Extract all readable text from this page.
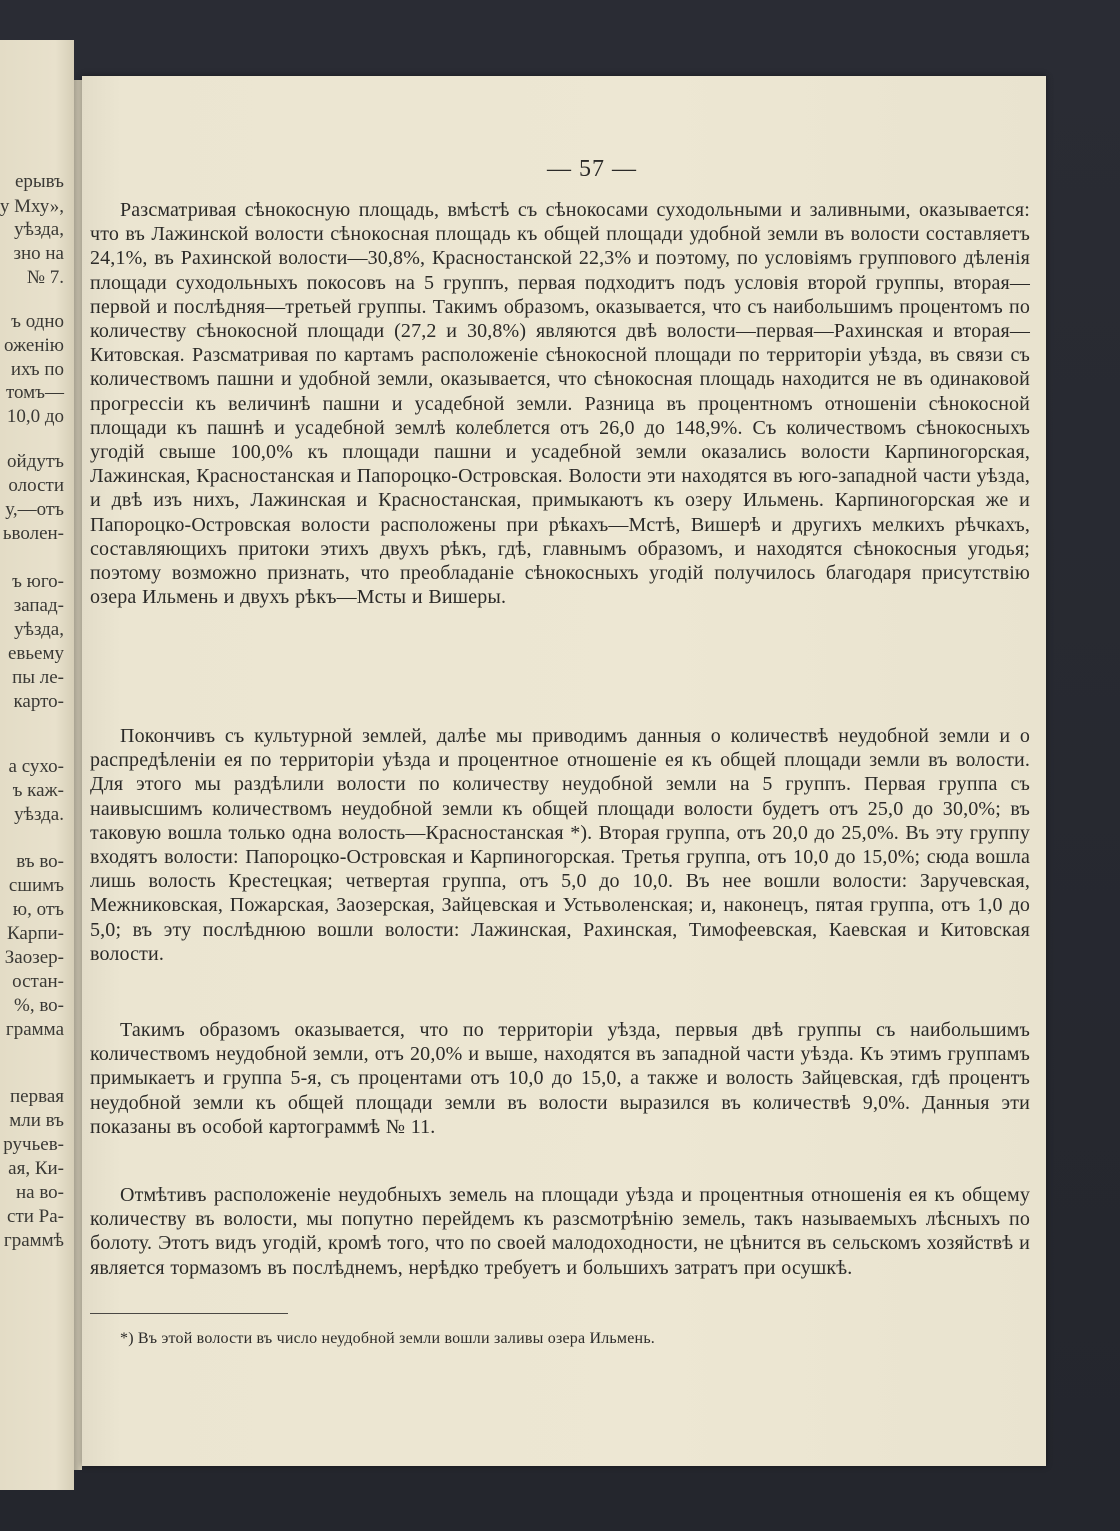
ерывъ
у Мху»,
уѣзда,
зно на
№ 7.
ъ одно
оженію
ихъ по
томъ—
10,0 до
ойдутъ
олости
у,—отъ
ьволен-
ъ юго-
запад-
уѣзда,
евьему
пы ле-
карто-
а сухо-
ъ каж-
уѣзда.
въ во-
сшимъ
ю, отъ
Карпи-
Заозер-
остан-
%, во-
грамма
первая
мли въ
ручьев-
ая, Ки-
на во-
сти Ра-
граммѣ
— 57 —
Разсматривая сѣнокосную площадь, вмѣстѣ съ сѣнокосами суходольными и заливными, оказывается: что въ Лажинской волости сѣнокосная площадь къ общей площади удобной земли въ волости составляетъ 24,1%, въ Рахинской волости—30,8%, Красностанской 22,3% и поэтому, по условіямъ группового дѣленія площади суходольныхъ покосовъ на 5 группъ, первая подходитъ подъ условія второй группы, вторая—первой и послѣдняя—третьей группы. Такимъ образомъ, оказывается, что съ наибольшимъ процентомъ по количеству сѣнокосной площади (27,2 и 30,8%) являются двѣ волости—первая—Рахинская и вторая—Китовская. Разсматривая по картамъ расположеніе сѣнокосной площади по территоріи уѣзда, въ связи съ количествомъ пашни и удобной земли, оказывается, что сѣнокосная площадь находится не въ одинаковой прогрессіи къ величинѣ пашни и усадебной земли. Разница въ процентномъ отношеніи сѣнокосной площади къ пашнѣ и усадебной землѣ колеблется отъ 26,0 до 148,9%. Съ количествомъ сѣнокосныхъ угодій свыше 100,0% къ площади пашни и усадебной земли оказались волости Карпиногорская, Лажинская, Красностанская и Папороцко-Островская. Волости эти находятся въ юго-западной части уѣзда, и двѣ изъ нихъ, Лажинская и Красностанская, примыкаютъ къ озеру Ильмень. Карпиногорская же и Папороцко-Островская волости расположены при рѣкахъ—Мстѣ, Вишерѣ и другихъ мелкихъ рѣчкахъ, составляющихъ притоки этихъ двухъ рѣкъ, гдѣ, главнымъ образомъ, и находятся сѣнокосныя угодья; поэтому возможно признать, что преобладаніе сѣнокосныхъ угодій получилось благодаря присутствію озера Ильмень и двухъ рѣкъ—Мсты и Вишеры.
Покончивъ съ культурной землей, далѣе мы приводимъ данныя о количествѣ неудобной земли и о распредѣленіи ея по территоріи уѣзда и процентное отношеніе ея къ общей площади земли въ волости. Для этого мы раздѣлили волости по количеству неудобной земли на 5 группъ. Первая группа съ наивысшимъ количествомъ неудобной земли къ общей площади волости будетъ отъ 25,0 до 30,0%; въ таковую вошла только одна волость—Красностанская *). Вторая группа, отъ 20,0 до 25,0%. Въ эту группу входятъ волости: Папороцко-Островская и Карпиногорская. Третья группа, отъ 10,0 до 15,0%; сюда вошла лишь волость Крестецкая; четвертая группа, отъ 5,0 до 10,0. Въ нее вошли волости: Заручевская, Межниковская, Пожарская, Заозерская, Зайцевская и Устьволенская; и, наконецъ, пятая группа, отъ 1,0 до 5,0; въ эту послѣднюю вошли волости: Лажинская, Рахинская, Тимофеевская, Каевская и Китовская волости.
Такимъ образомъ оказывается, что по территоріи уѣзда, первыя двѣ группы съ наибольшимъ количествомъ неудобной земли, отъ 20,0% и выше, находятся въ западной части уѣзда. Къ этимъ группамъ примыкаетъ и группа 5-я, съ процентами отъ 10,0 до 15,0, а также и волость Зайцевская, гдѣ процентъ неудобной земли къ общей площади земли въ волости выразился въ количествѣ 9,0%. Данныя эти показаны въ особой картограммѣ № 11.
Отмѣтивъ расположеніе неудобныхъ земель на площади уѣзда и процентныя отношенія ея къ общему количеству въ волости, мы попутно перейдемъ къ разсмотрѣнію земель, такъ называемыхъ лѣсныхъ по болоту. Этотъ видъ угодій, кромѣ того, что по своей малодоходности, не цѣнится въ сельскомъ хозяйствѣ и является тормазомъ въ послѣднемъ, нерѣдко требуетъ и большихъ затратъ при осушкѣ.
*) Въ этой волости въ число неудобной земли вошли заливы озера Ильмень.
